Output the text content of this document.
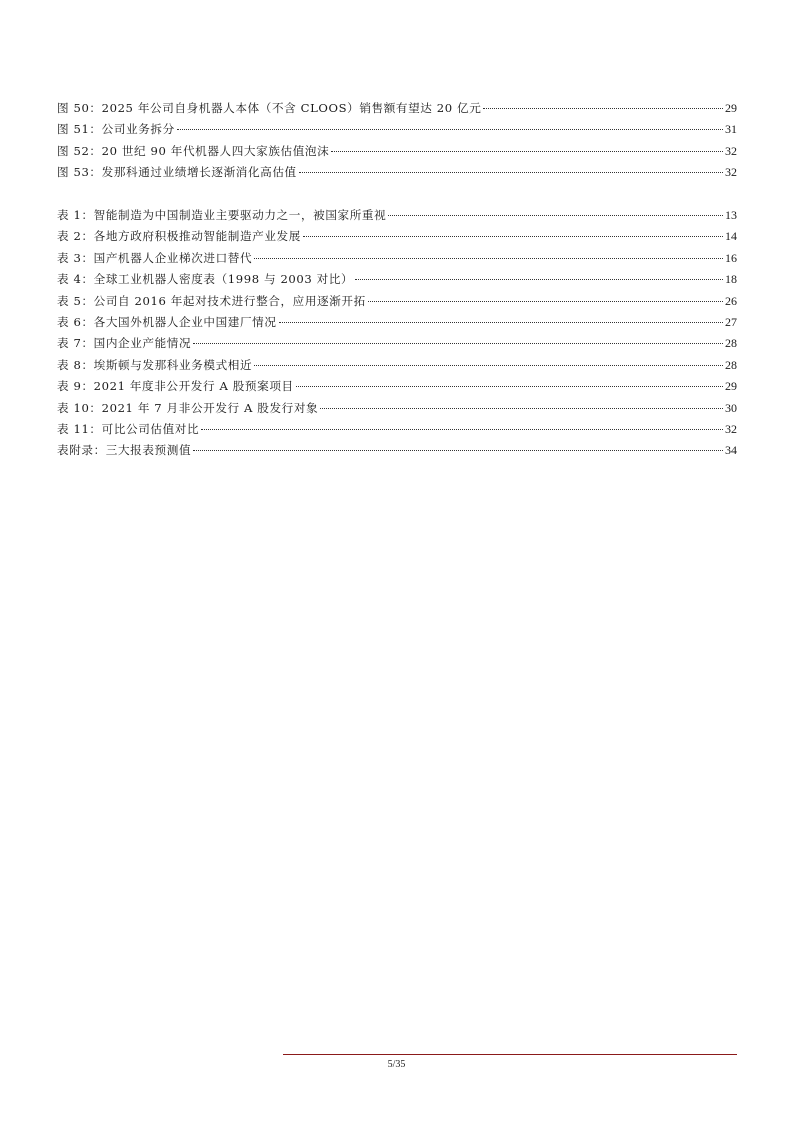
图 50：2025 年公司自身机器人本体（不含 CLOOS）销售额有望达 20 亿元	29
图 51：公司业务拆分	31
图 52：20 世纪 90 年代机器人四大家族估值泡沫	32
图 53：发那科通过业绩增长逐渐消化高估值	32
表 1：智能制造为中国制造业主要驱动力之一，被国家所重视	13
表 2：各地方政府积极推动智能制造产业发展	14
表 3：国产机器人企业梯次进口替代	16
表 4：全球工业机器人密度表（1998 与 2003 对比）	18
表 5：公司自 2016 年起对技术进行整合，应用逐渐开拓	26
表 6：各大国外机器人企业中国建厂情况	27
表 7：国内企业产能情况	28
表 8：埃斯顿与发那科业务模式相近	28
表 9：2021 年度非公开发行 A 股预案项目	29
表 10：2021 年 7 月非公开发行 A 股发行对象	30
表 11：可比公司估值对比	32
表附录：三大报表预测值	34
5/35
